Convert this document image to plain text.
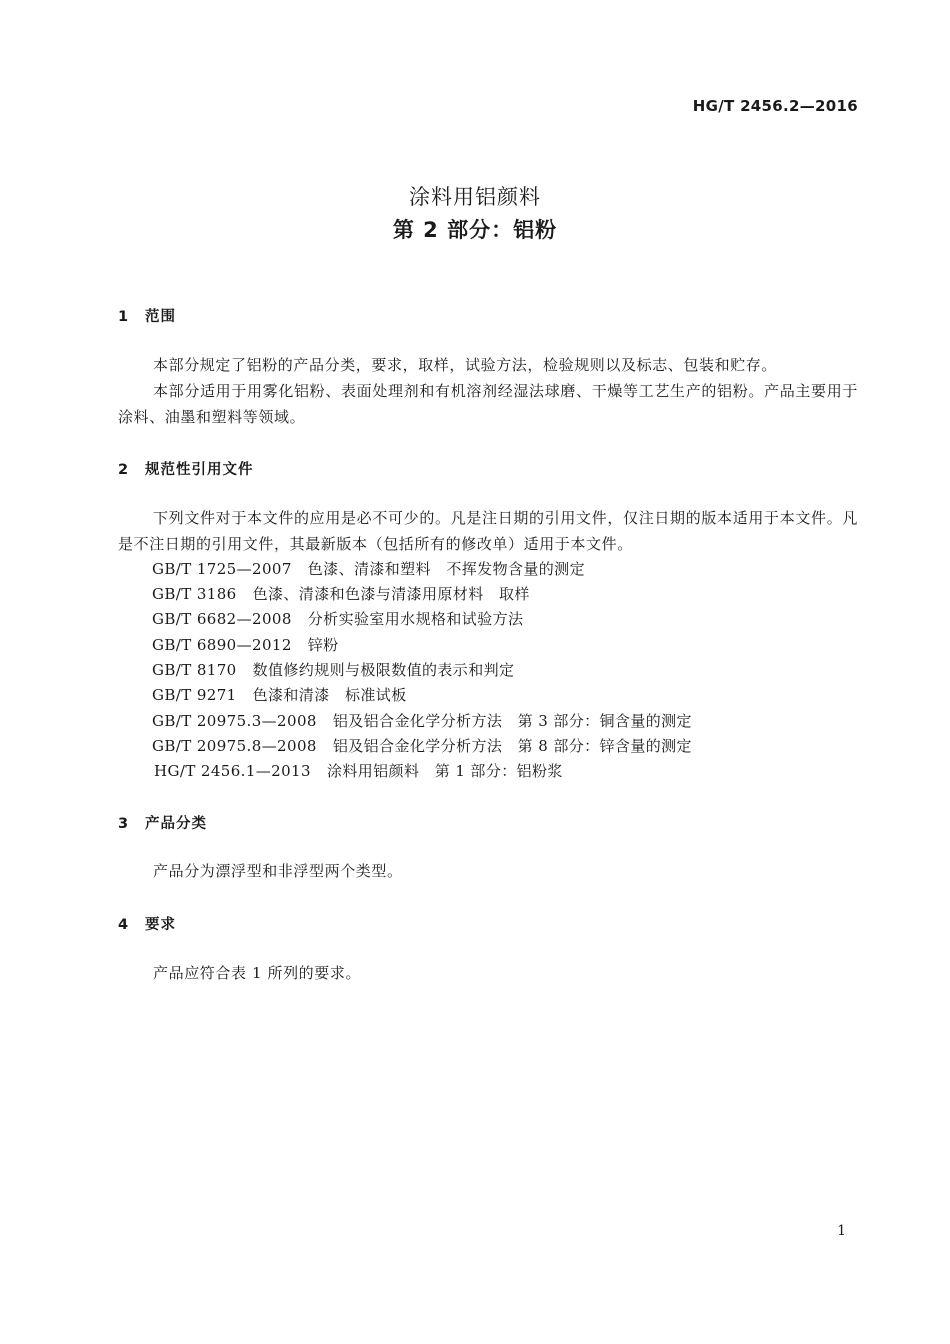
HG/T 2456.2—2016
涂料用铝颜料
第 2 部分：铝粉
1 范围
本部分规定了铝粉的产品分类，要求，取样，试验方法，检验规则以及标志、包装和贮存。
本部分适用于用雾化铝粉、表面处理剂和有机溶剂经湿法球磨、干燥等工艺生产的铝粉。产品主要用于涂料、油墨和塑料等领域。
2 规范性引用文件
下列文件对于本文件的应用是必不可少的。凡是注日期的引用文件，仅注日期的版本适用于本文件。凡是不注日期的引用文件，其最新版本（包括所有的修改单）适用于本文件。
GB/T 1725—2007 色漆、清漆和塑料　不挥发物含量的测定
GB/T 3186 色漆、清漆和色漆与清漆用原材料　取样
GB/T 6682—2008 分析实验室用水规格和试验方法
GB/T 6890—2012 锌粉
GB/T 8170 数值修约规则与极限数值的表示和判定
GB/T 9271 色漆和清漆　标准试板
GB/T 20975.3—2008 铝及铝合金化学分析方法　第 3 部分：铜含量的测定
GB/T 20975.8—2008 铝及铝合金化学分析方法　第 8 部分：锌含量的测定
HG/T 2456.1—2013 涂料用铝颜料　第 1 部分：铝粉浆
3 产品分类
产品分为漂浮型和非浮型两个类型。
4 要求
产品应符合表 1 所列的要求。
1
